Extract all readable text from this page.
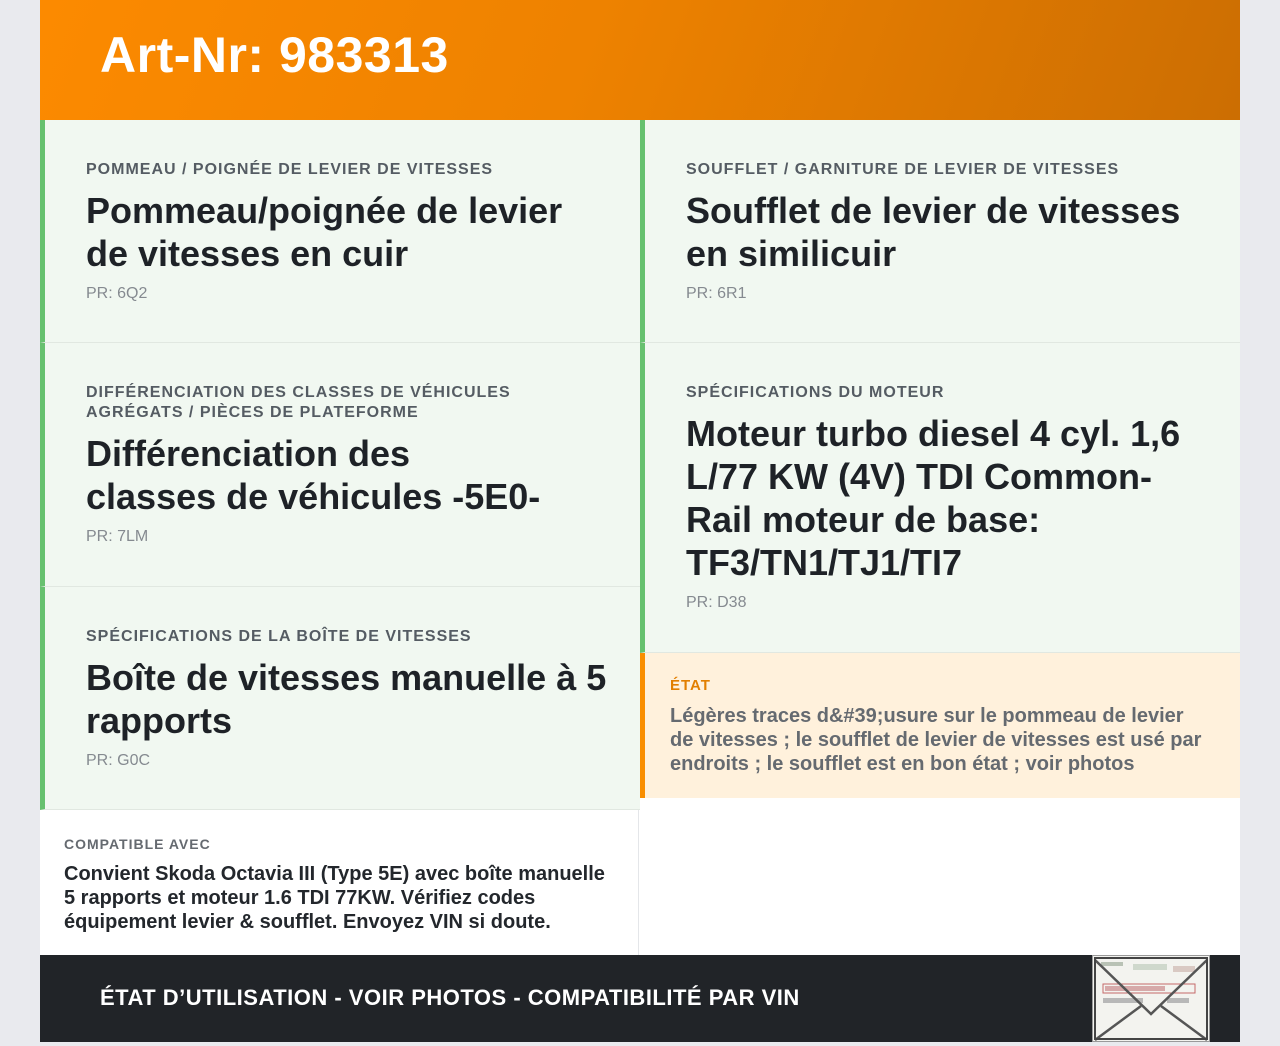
Art-Nr: 983313
POMMEAU / POIGNÉE DE LEVIER DE VITESSES
Pommeau/poignée de levier de vitesses en cuir
PR: 6Q2
SOUFFLET / GARNITURE DE LEVIER DE VITESSES
Soufflet de levier de vitesses en similicuir
PR: 6R1
DIFFÉRENCIATION DES CLASSES DE VÉHICULES AGRÉGATS / PIÈCES DE PLATEFORME
Différenciation des classes de véhicules -5E0-
PR: 7LM
SPÉCIFICATIONS DU MOTEUR
Moteur turbo diesel 4 cyl. 1,6 L/77 KW (4V) TDI Common-Rail moteur de base: TF3/TN1/TJ1/TI7
PR: D38
SPÉCIFICATIONS DE LA BOÎTE DE VITESSES
Boîte de vitesses manuelle à 5 rapports
PR: G0C
ÉTAT
Légères traces d&#39;usure sur le pommeau de levier de vitesses ; le soufflet de levier de vitesses est usé par endroits ; le soufflet est en bon état ; voir photos
COMPATIBLE AVEC
Convient Skoda Octavia III (Type 5E) avec boîte manuelle 5 rapports et moteur 1.6 TDI 77KW. Vérifiez codes équipement levier & soufflet. Envoyez VIN si doute.
ÉTAT D’UTILISATION - VOIR PHOTOS - COMPATIBILITÉ PAR VIN
